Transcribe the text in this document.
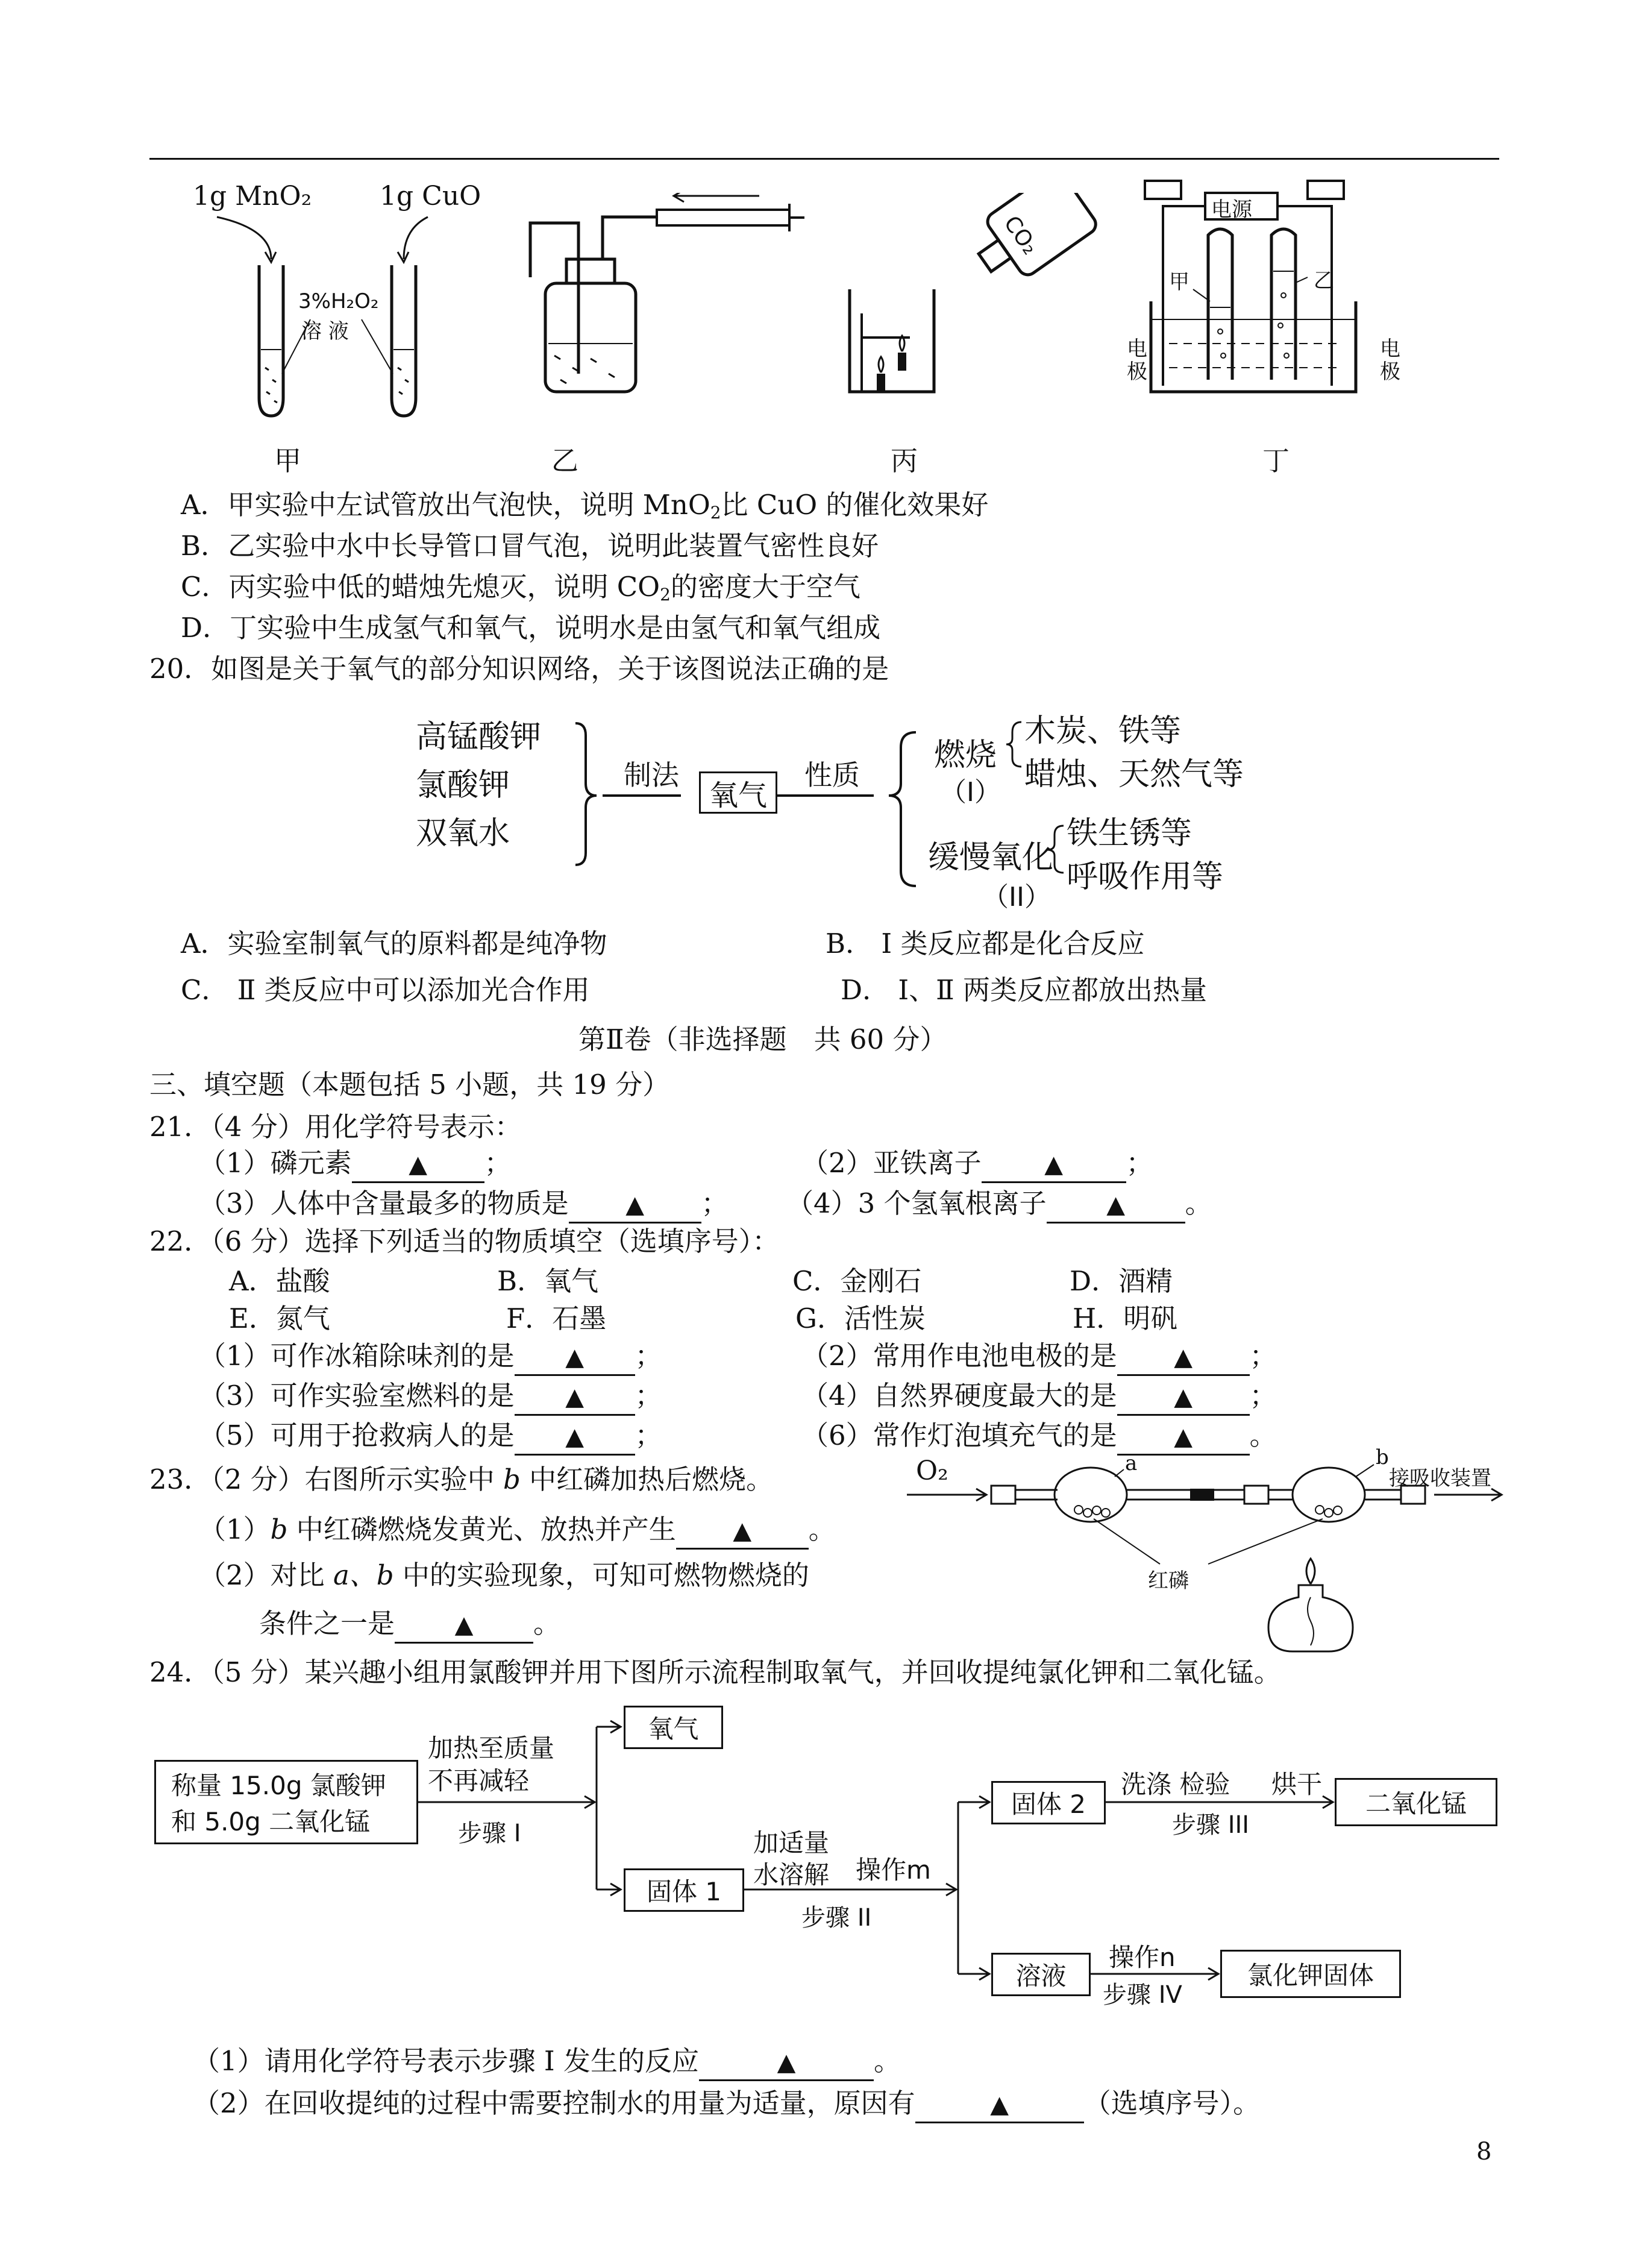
1g MnO₂	1g CuO
3%H₂O₂
溶 液
CO₂
电源
甲	乙
电极
电极
甲	乙	丙	丁
A．甲实验中左试管放出气泡快，说明 MnO$_2$比 CuO 的催化效果好
B．乙实验中水中长导管口冒气泡，说明此装置气密性良好
C．丙实验中低的蜡烛先熄灭，说明 $CO_2$的密度大于空气
D．丁实验中生成氢气和氧气，说明水是由氢气和氧气组成
20．如图是关于氧气的部分知识网络，关于该图说法正确的是
高锰酸钾
氯酸钾
双氧水
制法
氧气
性质
燃烧
（I）
木炭、铁等
蜡烛、天然气等
缓慢氧化
（II）
铁生锈等
呼吸作用等
A．实验室制氧气的原料都是纯净物	B． Ⅰ 类反应都是化合反应
C． Ⅱ 类反应中可以添加光合作用	D． Ⅰ、Ⅱ 两类反应都放出热量
第Ⅱ卷（非选择题　共 60 分）
三、填空题（本题包括 5 小题，共 19 分）
21．（4 分）用化学符号表示：
（1）磷元素 ▲ ；	（2）亚铁离子	▲ ；
（3）人体中含量最多的物质是 ▲ ； （4）3 个氢氧根离子 ▲ 。
22．（6 分）选择下列适当的物质填空（选填序号）：
A．盐酸	B．氧气	C．金刚石	D．酒精
E．氮气	F．石墨	G．活性炭	H．明矾
（1）可作冰箱除味剂的是 ▲ ；	（2）常用作电池电极的是 ▲ ；
（3）可作实验室燃料的是 ▲ ；	（4）自然界硬度最大的是 ▲ ；
（5）可用于抢救病人的是 ▲ ；	（6）常作灯泡填充气的是 ▲ 。
23．（2 分）右图所示实验中 b 中红磷加热后燃烧。
（1）b 中红磷燃烧发黄光、放热并产生 ▲ 。
（2）对比 a、b 中的实验现象，可知可燃物燃烧的
条件之一是 ▲ 。
O₂	a	b
接吸收装置
红磷
24．（5 分）某兴趣小组用氯酸钾并用下图所示流程制取氧气，并回收提纯氯化钾和二氧化锰。
称量 15.0g 氯酸钾
和 5.0g 二氧化锰
加热至质量
不再减轻
步骤 I
氧气
固体 1
加适量
水溶解 操作m
步骤 II
固体 2
洗涤 检验 烘干
步骤 III
二氧化锰
溶液
操作n
步骤 IV
氯化钾固体
（1）请用化学符号表示步骤 I 发生的反应	▲	。
（2）在回收提纯的过程中需要控制水的用量为适量，原因有	▲	（选填序号）。
8
